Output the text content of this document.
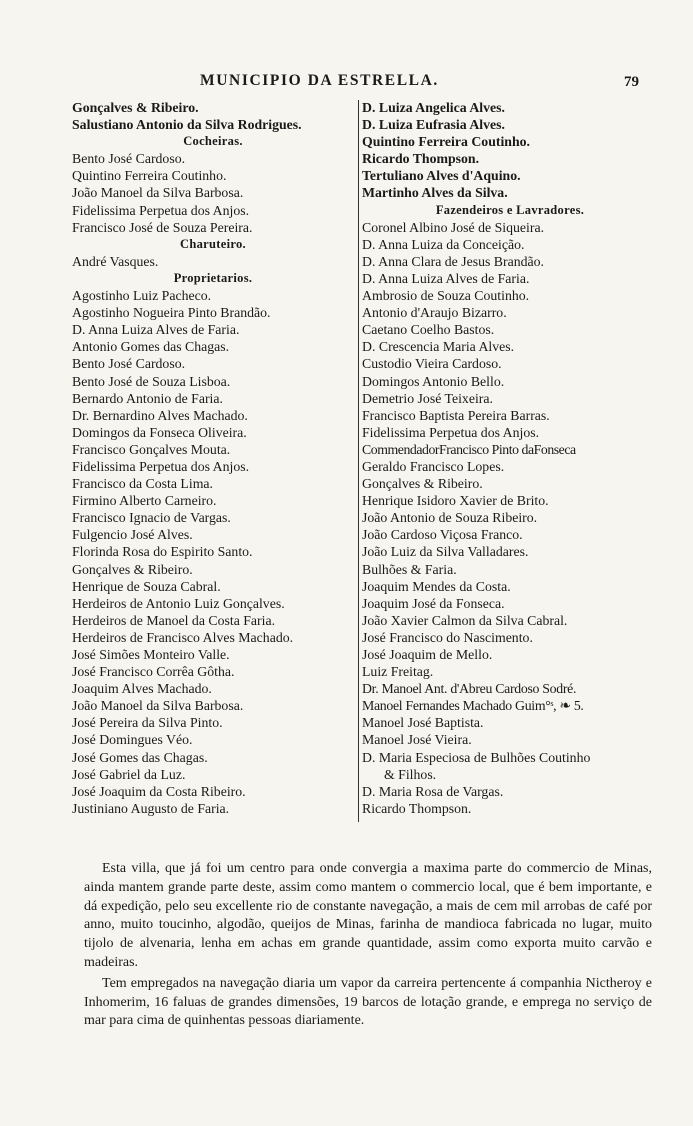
MUNICIPIO DA ESTRELLA.	79
Gonçalves & Ribeiro.
Salustiano Antonio da Silva Rodrigues.
Cocheiras.
Bento José Cardoso.
Quintino Ferreira Coutinho.
João Manoel da Silva Barbosa.
Fidelissima Perpetua dos Anjos.
Francisco José de Souza Pereira.
Charuteiro.
André Vasques.
Proprietarios.
Agostinho Luiz Pacheco.
Agostinho Nogueira Pinto Brandão.
D. Anna Luiza Alves de Faria.
Antonio Gomes das Chagas.
Bento José Cardoso.
Bento José de Souza Lisboa.
Bernardo Antonio de Faria.
Dr. Bernardino Alves Machado.
Domingos da Fonseca Oliveira.
Francisco Gonçalves Mouta.
Fidelissima Perpetua dos Anjos.
Francisco da Costa Lima.
Firmino Alberto Carneiro.
Francisco Ignacio de Vargas.
Fulgencio José Alves.
Florinda Rosa do Espirito Santo.
Gonçalves & Ribeiro.
Henrique de Souza Cabral.
Herdeiros de Antonio Luiz Gonçalves.
Herdeiros de Manoel da Costa Faria.
Herdeiros de Francisco Alves Machado.
José Simões Monteiro Valle.
José Francisco Corrêa Gôtha.
Joaquim Alves Machado.
João Manoel da Silva Barbosa.
José Pereira da Silva Pinto.
José Domingues Véo.
José Gomes das Chagas.
José Gabriel da Luz.
José Joaquim da Costa Ribeiro.
Justiniano Augusto de Faria.
D. Luiza Angelica Alves.
D. Luiza Eufrasia Alves.
Quintino Ferreira Coutinho.
Ricardo Thompson.
Tertuliano Alves d'Aquino.
Martinho Alves da Silva.
Fazendeiros e Lavradores.
Coronel Albino José de Siqueira.
D. Anna Luiza da Conceição.
D. Anna Clara de Jesus Brandão.
D. Anna Luiza Alves de Faria.
Ambrosio de Souza Coutinho.
Antonio d'Araujo Bizarro.
Caetano Coelho Bastos.
D. Crescencia Maria Alves.
Custodio Vieira Cardoso.
Domingos Antonio Bello.
Demetrio José Teixeira.
Francisco Baptista Pereira Barras.
Fidelissima Perpetua dos Anjos.
CommendadorFrancisco Pinto daFonseca
Geraldo Francisco Lopes.
Gonçalves & Ribeiro.
Henrique Isidoro Xavier de Brito.
João Antonio de Souza Ribeiro.
João Cardoso Viçosa Franco.
João Luiz da Silva Valladares.
Bulhões & Faria.
Joaquim Mendes da Costa.
Joaquim José da Fonseca.
João Xavier Calmon da Silva Cabral.
José Francisco do Nascimento.
José Joaquim de Mello.
Luiz Freitag.
Dr. Manoel Ant. d'Abreu Cardoso Sodré.
Manoel Fernandes Machado Guim°ˢ, ❧ 5.
Manoel José Baptista.
Manoel José Vieira.
D. Maria Especiosa de Bulhões Coutinho
& Filhos.
D. Maria Rosa de Vargas.
Ricardo Thompson.

Esta villa, que já foi um centro para onde convergia a maxima parte do commercio de Minas, ainda mantem grande parte deste, assim como mantem o commercio local, que é bem importante, e dá expedição, pelo seu excellente rio de constante navegação, a mais de cem mil arrobas de café por anno, muito toucinho, algodão, queijos de Minas, farinha de mandioca fabricada no lugar, muito tijolo de alvenaria, lenha em achas em grande quantidade, assim como exporta muito carvão e madeiras.

Tem empregados na navegação diaria um vapor da carreira pertencente á companhia Nictheroy e Inhomerim, 16 faluas de grandes dimensões, 19 barcos de lotação grande, e emprega no serviço de mar para cima de quinhentas pessoas diariamente.
